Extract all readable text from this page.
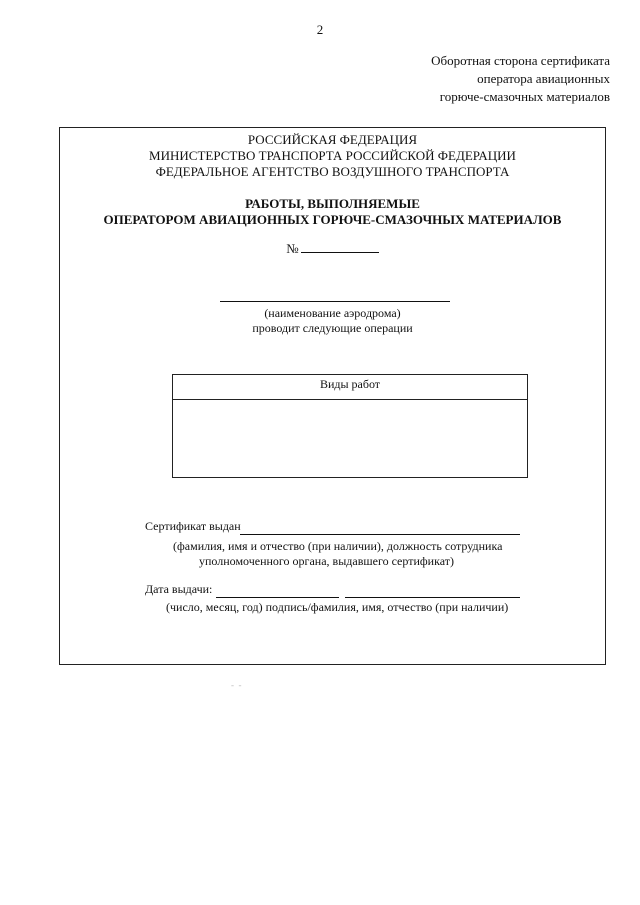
2
Оборотная сторона сертификата
оператора авиационных
горюче-смазочных материалов
РОССИЙСКАЯ ФЕДЕРАЦИЯ
МИНИСТЕРСТВО ТРАНСПОРТА РОССИЙСКОЙ ФЕДЕРАЦИИ
ФЕДЕРАЛЬНОЕ АГЕНТСТВО ВОЗДУШНОГО ТРАНСПОРТА
РАБОТЫ, ВЫПОЛНЯЕМЫЕ
ОПЕРАТОРОМ АВИАЦИОННЫХ ГОРЮЧЕ-СМАЗОЧНЫХ МАТЕРИАЛОВ
№
(наименование аэродрома)
проводит следующие операции
Виды работ
Сертификат выдан
(фамилия, имя и отчество (при наличии), должность сотрудника
уполномоченного органа, выдавшего сертификат)
Дата выдачи:
(число, месяц, год) подпись/фамилия, имя, отчество (при наличии)
-  -
